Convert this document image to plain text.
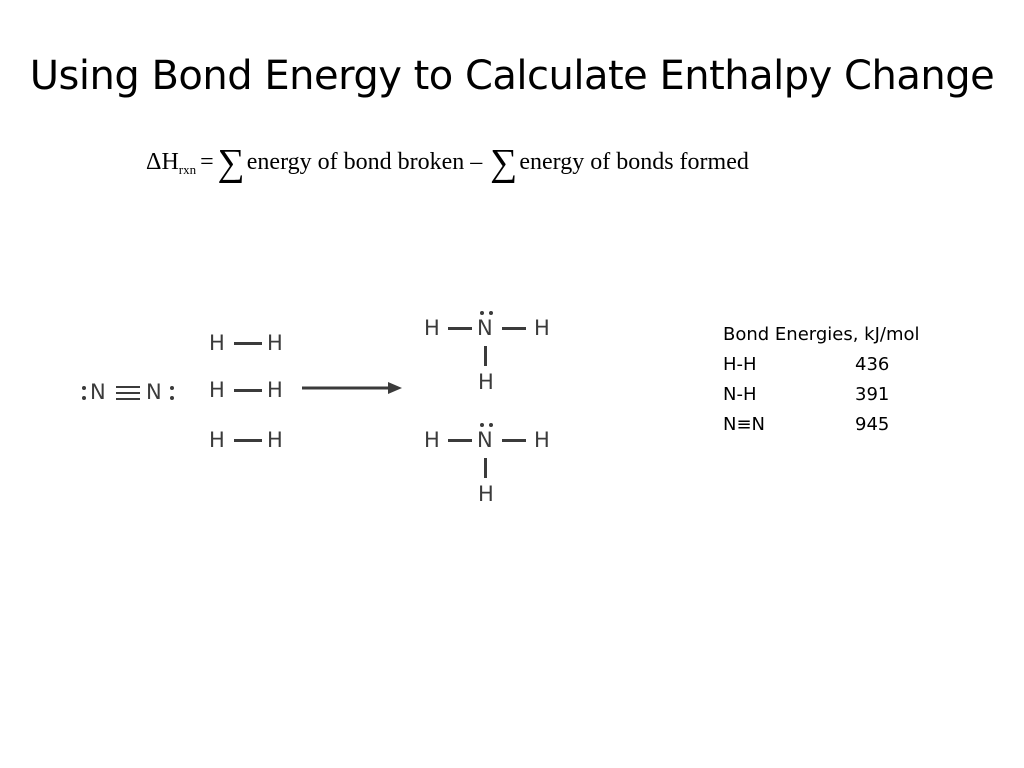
Using Bond Energy to Calculate Enthalpy Change
Δ H rxn = ∑ energy of bond broken – ∑ energy of bonds formed
N N
H H
H H
H H
H N H
H
H N H
H
Bond Energies, kJ/mol
H-H	436
N-H	391
N≡N	945
